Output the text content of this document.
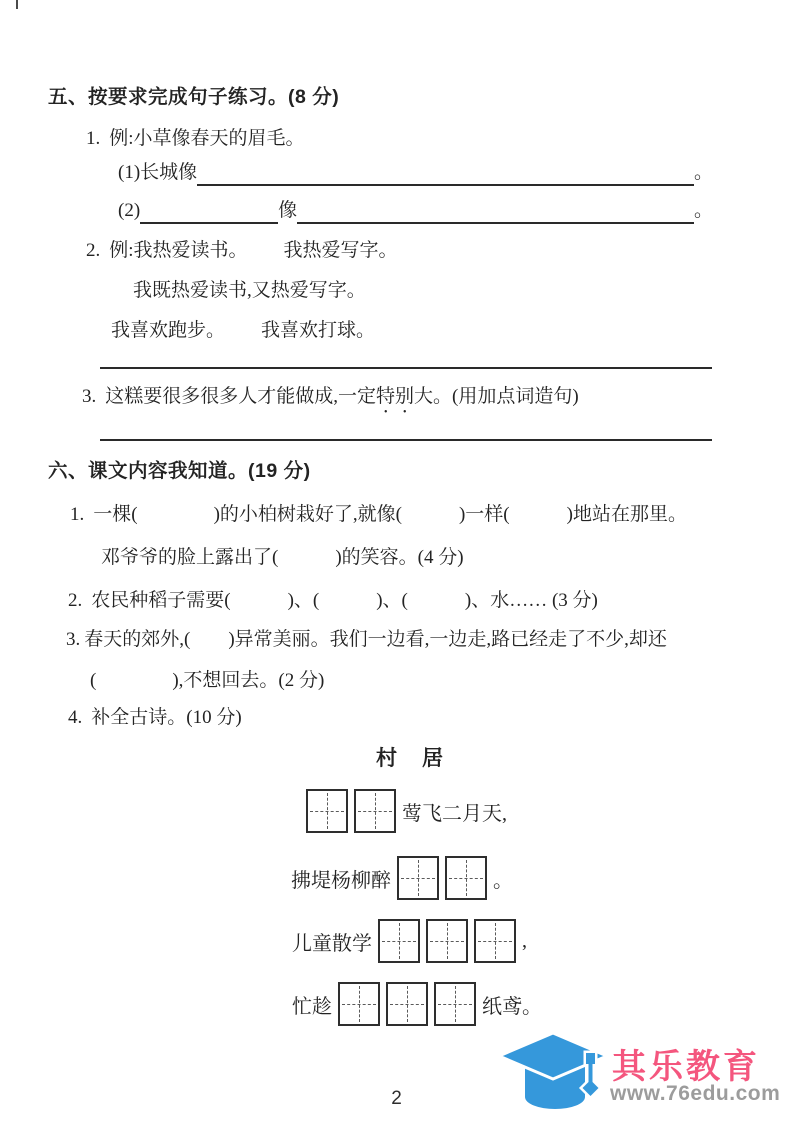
五、按要求完成句子练习。(8 分)
1. 例:小草像春天的眉毛。
(1) 长城像	。
(2)	像	。
2. 例:我热爱读书。 我热爱写字。
我既热爱读书,又热爱写字。
我喜欢跑步。 我喜欢打球。
3. 这糕要很多很多人才能做成,一定特别大。(用加点词造句)
六、课文内容我知道。(19 分)
1. 一棵(　　　　)的小柏树栽好了,就像(　　　)一样(　　　)地站在那里。
邓爷爷的脸上露出了(　　　)的笑容。(4 分)
2. 农民种稻子需要(　　　)、(　　　)、(　　　)、水…… (3 分)
3. 春天的郊外,(　　)异常美丽。我们一边看,一边走,路已经走了不少,却还
(　　　　),不想回去。(2 分)
4. 补全古诗。(10 分)
村　居
莺飞二月天,
拂堤杨柳醉	。
儿童散学	,
忙趁	纸鸢。
2
其乐教育
www.76edu.com
